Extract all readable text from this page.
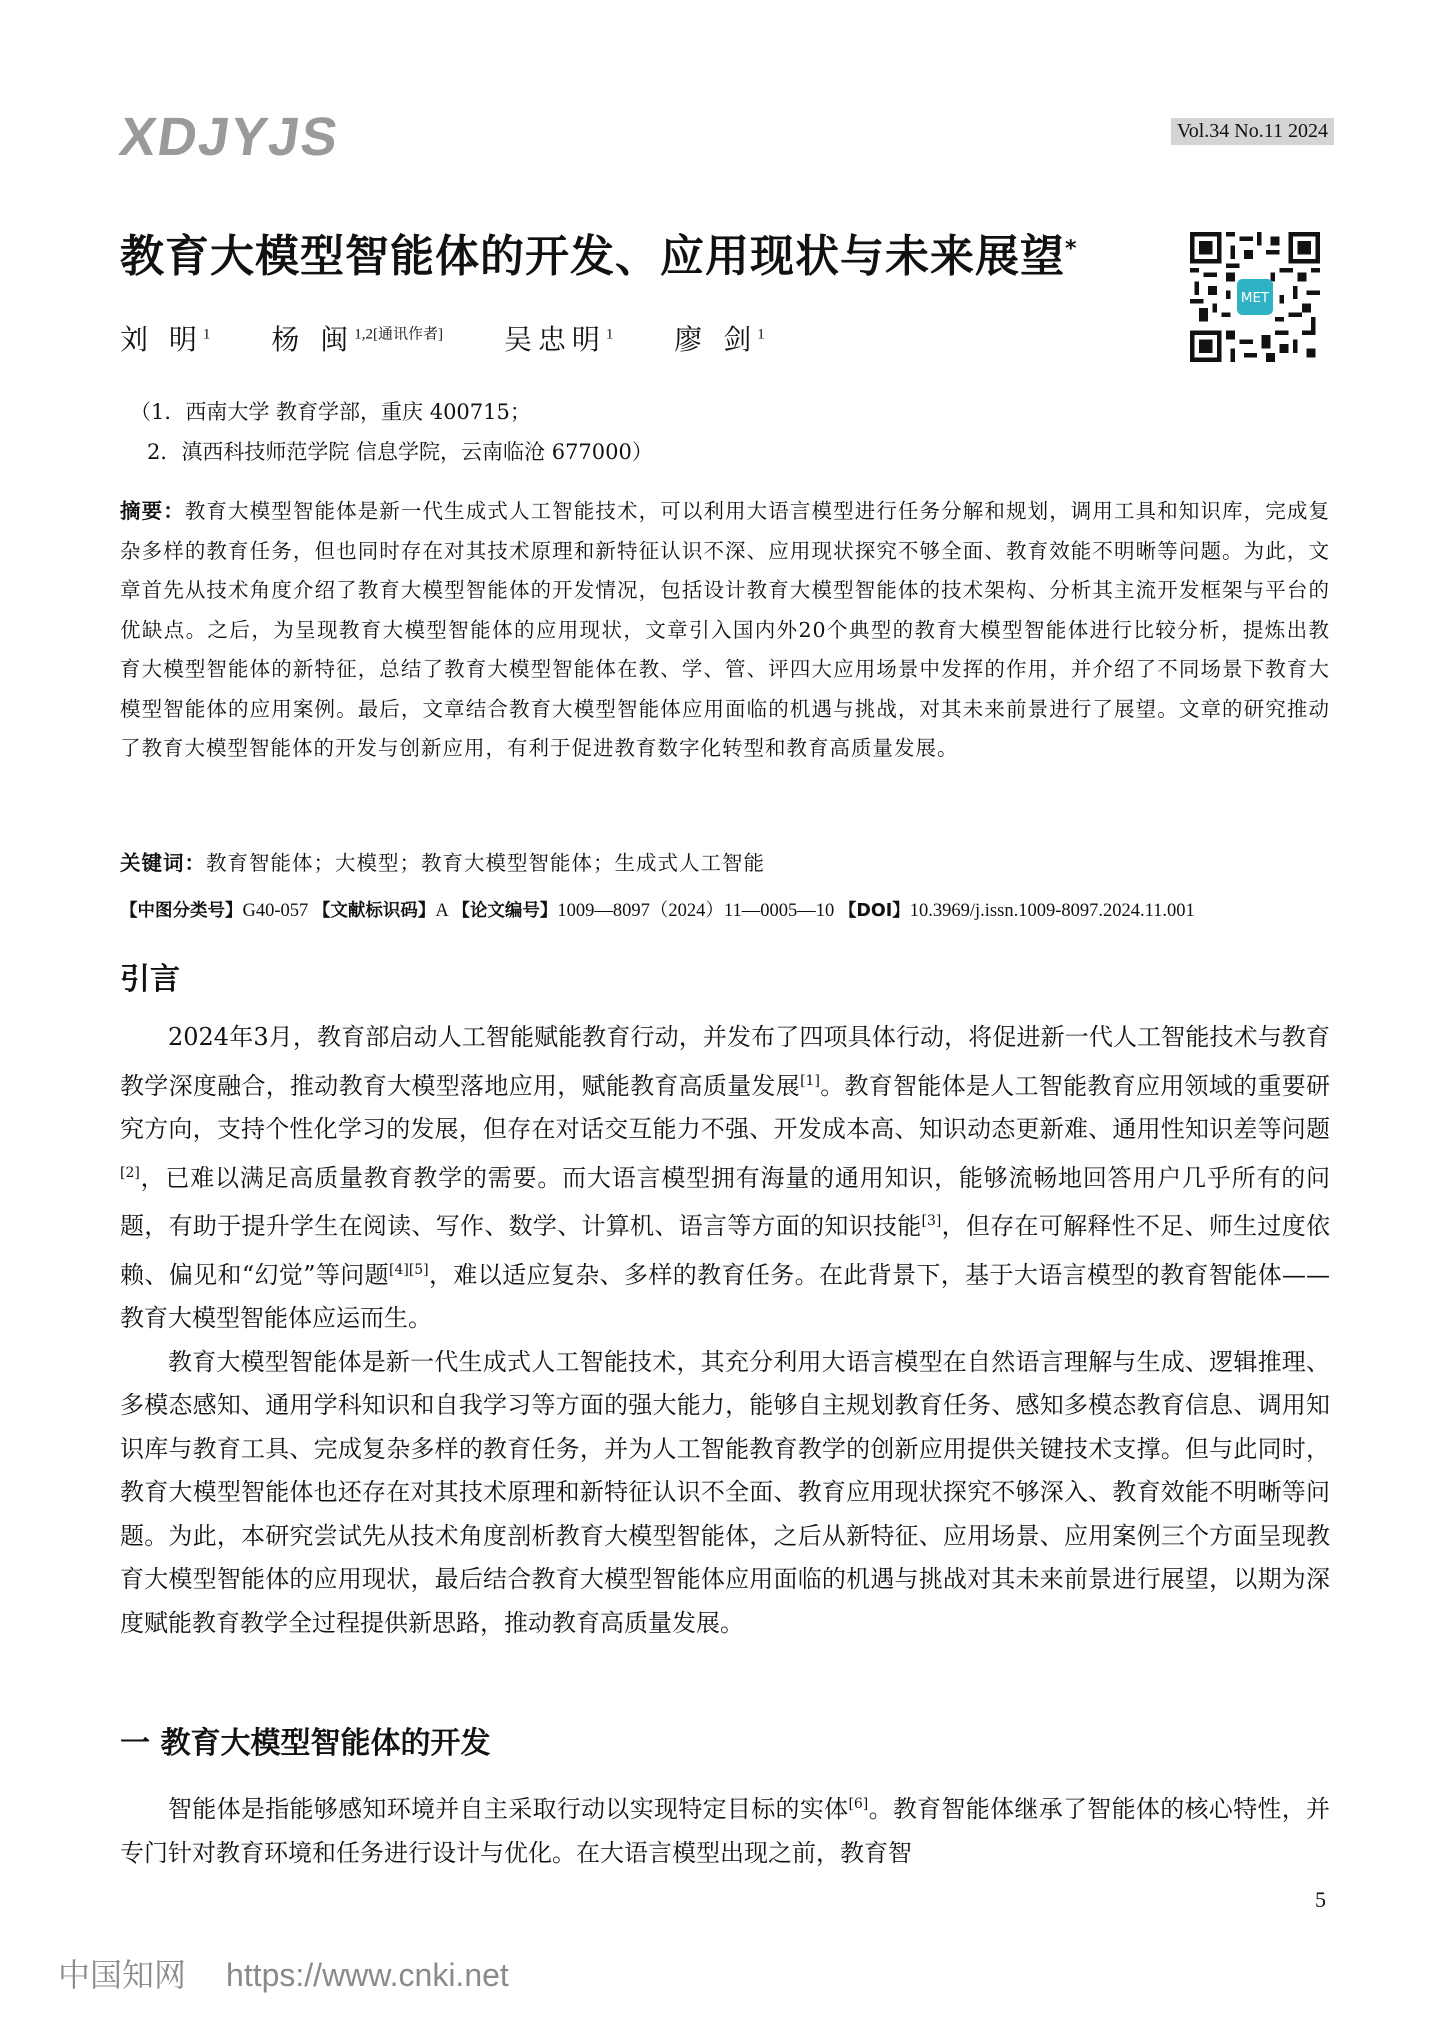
XDJYJS	Vol.34 No.11 2024
教育大模型智能体的开发、应用现状与未来展望*
刘 明$^1$ 杨 闽$^{1,2[通讯作者]}$ 吴忠明$^1$ 廖 剑$^1$
MET
（1．西南大学 教育学部，重庆 400715；
2．滇西科技师范学院 信息学院，云南临沧 677000）
摘要：教育大模型智能体是新一代生成式人工智能技术，可以利用大语言模型进行任务分解和规划，调用工具和知识库，完成复杂多样的教育任务，但也同时存在对其技术原理和新特征认识不深、应用现状探究不够全面、教育效能不明晰等问题。为此，文章首先从技术角度介绍了教育大模型智能体的开发情况，包括设计教育大模型智能体的技术架构、分析其主流开发框架与平台的优缺点。之后，为呈现教育大模型智能体的应用现状，文章引入国内外20个典型的教育大模型智能体进行比较分析，提炼出教育大模型智能体的新特征，总结了教育大模型智能体在教、学、管、评四大应用场景中发挥的作用，并介绍了不同场景下教育大模型智能体的应用案例。最后，文章结合教育大模型智能体应用面临的机遇与挑战，对其未来前景进行了展望。文章的研究推动了教育大模型智能体的开发与创新应用，有利于促进教育数字化转型和教育高质量发展。
关键词：教育智能体；大模型；教育大模型智能体；生成式人工智能
【中图分类号】G40-057 【文献标识码】A 【论文编号】1009—8097（2024）11—0005—10 【DOI】10.3969/j.issn.1009-8097.2024.11.001
引言

2024年3月，教育部启动人工智能赋能教育行动，并发布了四项具体行动，将促进新一代人工智能技术与教育教学深度融合，推动教育大模型落地应用，赋能教育高质量发展[1]。教育智能体是人工智能教育应用领域的重要研究方向，支持个性化学习的发展，但存在对话交互能力不强、开发成本高、知识动态更新难、通用性知识差等问题[2]，已难以满足高质量教育教学的需要。而大语言模型拥有海量的通用知识，能够流畅地回答用户几乎所有的问题，有助于提升学生在阅读、写作、数学、计算机、语言等方面的知识技能[3]，但存在可解释性不足、师生过度依赖、偏见和“幻觉”等问题[4][5]，难以适应复杂、多样的教育任务。在此背景下，基于大语言模型的教育智能体——教育大模型智能体应运而生。

教育大模型智能体是新一代生成式人工智能技术，其充分利用大语言模型在自然语言理解与生成、逻辑推理、多模态感知、通用学科知识和自我学习等方面的强大能力，能够自主规划教育任务、感知多模态教育信息、调用知识库与教育工具、完成复杂多样的教育任务，并为人工智能教育教学的创新应用提供关键技术支撑。但与此同时，教育大模型智能体也还存在对其技术原理和新特征认识不全面、教育应用现状探究不够深入、教育效能不明晰等问题。为此，本研究尝试先从技术角度剖析教育大模型智能体，之后从新特征、应用场景、应用案例三个方面呈现教育大模型智能体的应用现状，最后结合教育大模型智能体应用面临的机遇与挑战对其未来前景进行展望，以期为深度赋能教育教学全过程提供新思路，推动教育高质量发展。

一 教育大模型智能体的开发

智能体是指能够感知环境并自主采取行动以实现特定目标的实体[6]。教育智能体继承了智能体的核心特性，并专门针对教育环境和任务进行设计与优化。在大语言模型出现之前，教育智

5
中国知网 https://www.cnki.net
